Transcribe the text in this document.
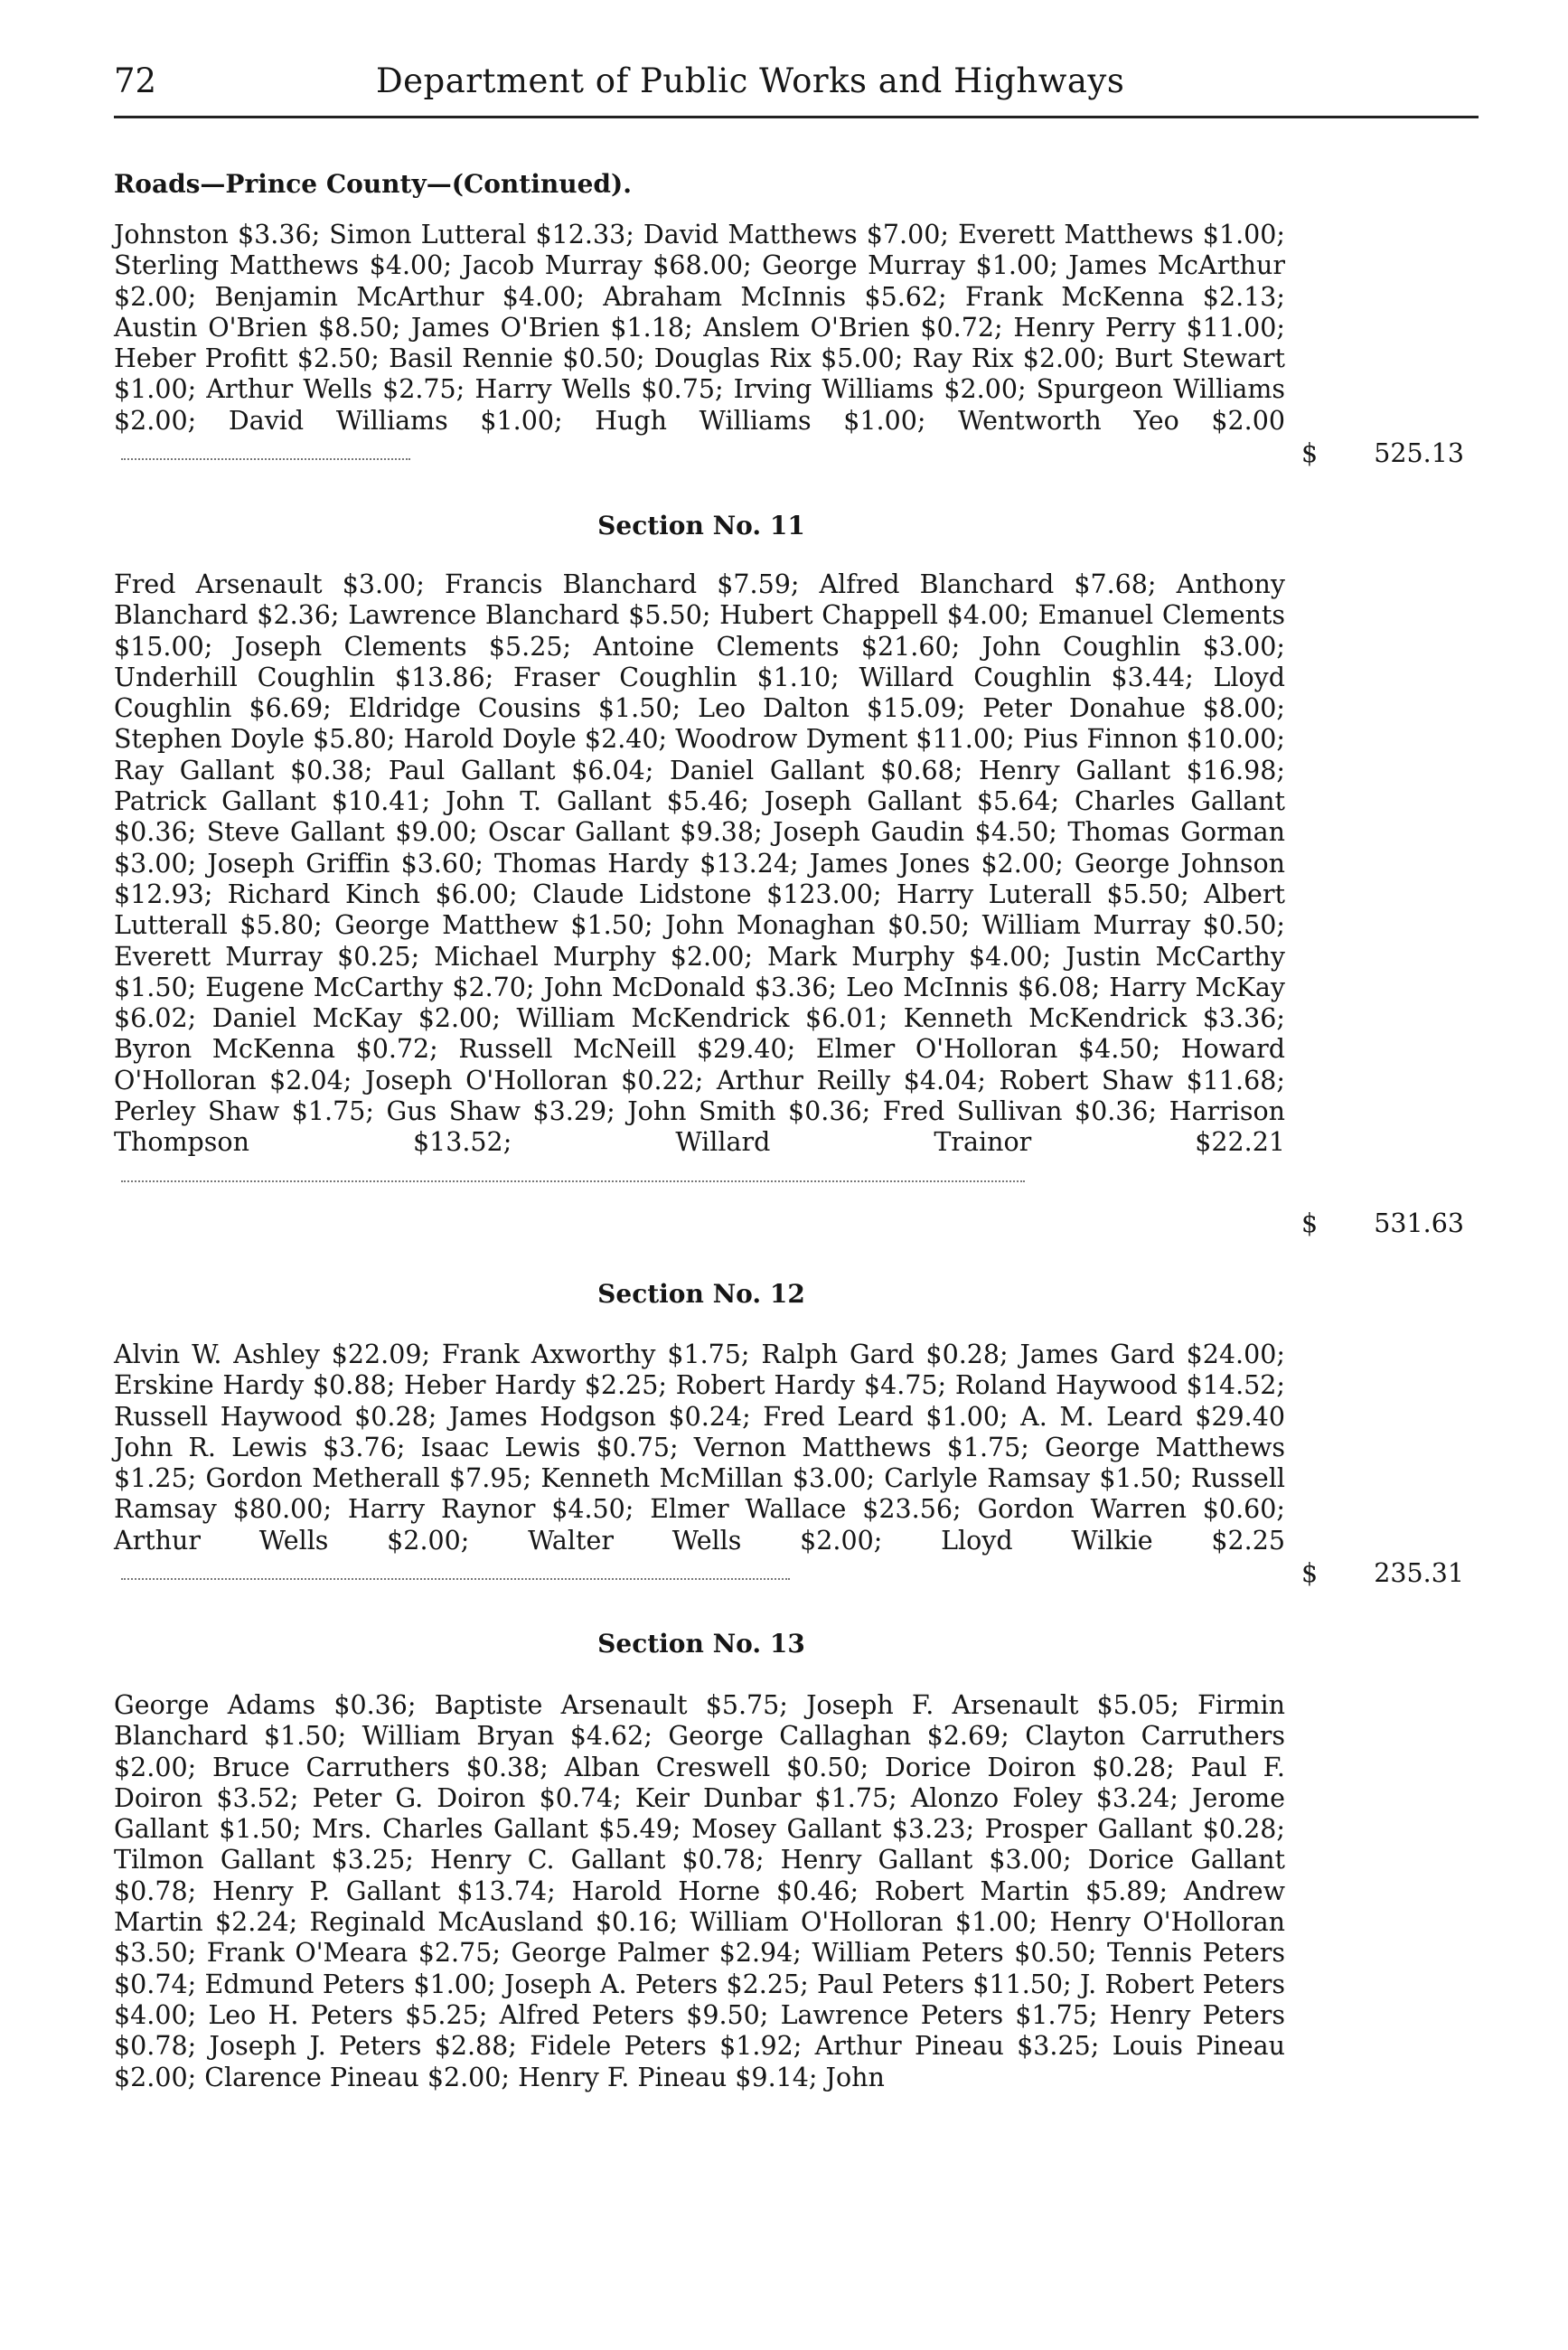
72	Department of Public Works and Highways
Roads—Prince County—(Continued).
Johnston $3.36; Simon Lutteral $12.33; David Matthews $7.00; Everett Matthews $1.00; Sterling Matthews $4.00; Jacob Murray $68.00; George Murray $1.00; James McArthur $2.00; Benjamin McArthur $4.00; Abraham McInnis $5.62; Frank McKenna $2.13; Austin O'Brien $8.50; James O'Brien $1.18; Anslem O'Brien $0.72; Henry Perry $11.00; Heber Profitt $2.50; Basil Rennie $0.50; Douglas Rix $5.00; Ray Rix $2.00; Burt Stewart $1.00; Arthur Wells $2.75; Harry Wells $0.75; Irving Williams $2.00; Spurgeon Williams $2.00; David Williams $1.00; Hugh Williams $1.00; Wentworth Yeo $2.00
$ 525.13
Section No. 11
Fred Arsenault $3.00; Francis Blanchard $7.59; Alfred Blanchard $7.68; Anthony Blanchard $2.36; Lawrence Blanchard $5.50; Hubert Chappell $4.00; Emanuel Clements $15.00; Joseph Clements $5.25; Antoine Clements $21.60; John Coughlin $3.00; Underhill Coughlin $13.86; Fraser Coughlin $1.10; Willard Coughlin $3.44; Lloyd Coughlin $6.69; Eldridge Cousins $1.50; Leo Dalton $15.09; Peter Donahue $8.00; Stephen Doyle $5.80; Harold Doyle $2.40; Woodrow Dyment $11.00; Pius Finnon $10.00; Ray Gallant $0.38; Paul Gallant $6.04; Daniel Gallant $0.68; Henry Gallant $16.98; Patrick Gallant $10.41; John T. Gallant $5.46; Joseph Gallant $5.64; Charles Gallant $0.36; Steve Gallant $9.00; Oscar Gallant $9.38; Joseph Gaudin $4.50; Thomas Gorman $3.00; Joseph Griffin $3.60; Thomas Hardy $13.24; James Jones $2.00; George Johnson $12.93; Richard Kinch $6.00; Claude Lidstone $123.00; Harry Luterall $5.50; Albert Lutterall $5.80; George Matthew $1.50; John Monaghan $0.50; William Murray $0.50; Everett Murray $0.25; Michael Murphy $2.00; Mark Murphy $4.00; Justin McCarthy $1.50; Eugene McCarthy $2.70; John McDonald $3.36; Leo McInnis $6.08; Harry McKay $6.02; Daniel McKay $2.00; William McKendrick $6.01; Kenneth McKendrick $3.36; Byron McKenna $0.72; Russell McNeill $29.40; Elmer O'Holloran $4.50; Howard O'Holloran $2.04; Joseph O'Holloran $0.22; Arthur Reilly $4.04; Robert Shaw $11.68; Perley Shaw $1.75; Gus Shaw $3.29; John Smith $0.36; Fred Sullivan $0.36; Harrison Thompson $13.52; Willard Trainor $22.21
$ 531.63
Section No. 12
Alvin W. Ashley $22.09; Frank Axworthy $1.75; Ralph Gard $0.28; James Gard $24.00; Erskine Hardy $0.88; Heber Hardy $2.25; Robert Hardy $4.75; Roland Haywood $14.52; Russell Haywood $0.28; James Hodgson $0.24; Fred Leard $1.00; A. M. Leard $29.40 John R. Lewis $3.76; Isaac Lewis $0.75; Vernon Matthews $1.75; George Matthews $1.25; Gordon Metherall $7.95; Kenneth McMillan $3.00; Carlyle Ramsay $1.50; Russell Ramsay $80.00; Harry Raynor $4.50; Elmer Wallace $23.56; Gordon Warren $0.60; Arthur Wells $2.00; Walter Wells $2.00; Lloyd Wilkie $2.25
$ 235.31
Section No. 13
George Adams $0.36; Baptiste Arsenault $5.75; Joseph F. Arsenault $5.05; Firmin Blanchard $1.50; William Bryan $4.62; George Callaghan $2.69; Clayton Carruthers $2.00; Bruce Carruthers $0.38; Alban Creswell $0.50; Dorice Doiron $0.28; Paul F. Doiron $3.52; Peter G. Doiron $0.74; Keir Dunbar $1.75; Alonzo Foley $3.24; Jerome Gallant $1.50; Mrs. Charles Gallant $5.49; Mosey Gallant $3.23; Prosper Gallant $0.28; Tilmon Gallant $3.25; Henry C. Gallant $0.78; Henry Gallant $3.00; Dorice Gallant $0.78; Henry P. Gallant $13.74; Harold Horne $0.46; Robert Martin $5.89; Andrew Martin $2.24; Reginald McAusland $0.16; William O'Holloran $1.00; Henry O'Holloran $3.50; Frank O'Meara $2.75; George Palmer $2.94; William Peters $0.50; Tennis Peters $0.74; Edmund Peters $1.00; Joseph A. Peters $2.25; Paul Peters $11.50; J. Robert Peters $4.00; Leo H. Peters $5.25; Alfred Peters $9.50; Lawrence Peters $1.75; Henry Peters $0.78; Joseph J. Peters $2.88; Fidele Peters $1.92; Arthur Pineau $3.25; Louis Pineau $2.00; Clarence Pineau $2.00; Henry F. Pineau $9.14; John
